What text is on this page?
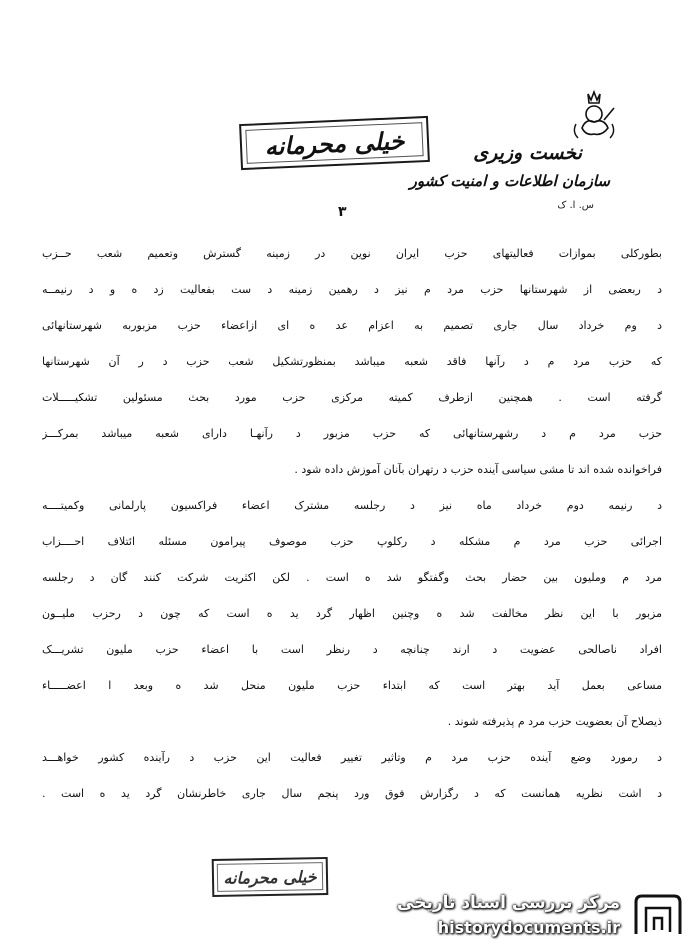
نخست وزیری
سازمان اطلاعات و امنیت کشور
س. ا. ک
خیلی محرمانه
۳
بطورکلی بموازات فعالیتهای حزب ایران نوین در زمینه گسترش وتعمیم شعب حــزب
د ربعضی از شهرستانها حزب مرد م نیز د رهمین زمینه د ست بفعالیت زد ه و د رنیمــه
د وم خرداد سال جاری تصمیم به اعزام عد ه ای ازاعضاء حزب مزبوربه شهرستانهائی
که حزب مرد م د رآنها فاقد شعبه میباشد بمنظورتشکیل شعب حزب د ر آن شهرستانها
گرفته است . همچنین ازطرف کمیته مرکزی حزب مورد بحث مسئولین تشکیـــــلات
حزب مرد م د رشهرستانهائی که حزب مزبور د رآنهـا دارای شعبه میباشد بمرکـــز
فراخوانده شده اند تا مشی سیاسی آینده حزب د رتهران بآنان آموزش داده شود .
د رنیمه دوم خرداد ماه نیز د رجلسه مشترک اعضاء فراکسیون پارلمانی وکمیتــــه
اجرائی حزب مرد م مشکله د رکلوپ حزب موصوف پیرامون مسئله ائتلاف احــــزاب
مرد م وملیون بین حضار بحث وگفتگو شد ه است . لکن اکثریت شرکت کنند گان د رجلسه
مزبور با این نظر مخالفت شد ه وچنین اظهار گرد ید ه است که چون د رحزب ملیــون
افراد ناصالحی عضویت د ارند چنانچه د رنظر است با اعضاء حزب ملیون تشریـــک
مساعی بعمل آید بهتر است که ابتداء حزب ملیون منحل شد ه وبعد ا اعضـــــاء
ذیصلاح آن بعضویت حزب مرد م پذیرفته شوند .
د رمورد وضع آینده حزب مرد م وتاثیر تغییر فعالیت این حزب د رآینده کشور خواهـــد
د اشت نظریه همانست که د رگزارش فوق ورد پنجم سال جاری خاطرنشان گرد ید ه است .
خیلی محرمانه
مرکز بررسی اسناد تاریخی
historydocuments.ir
